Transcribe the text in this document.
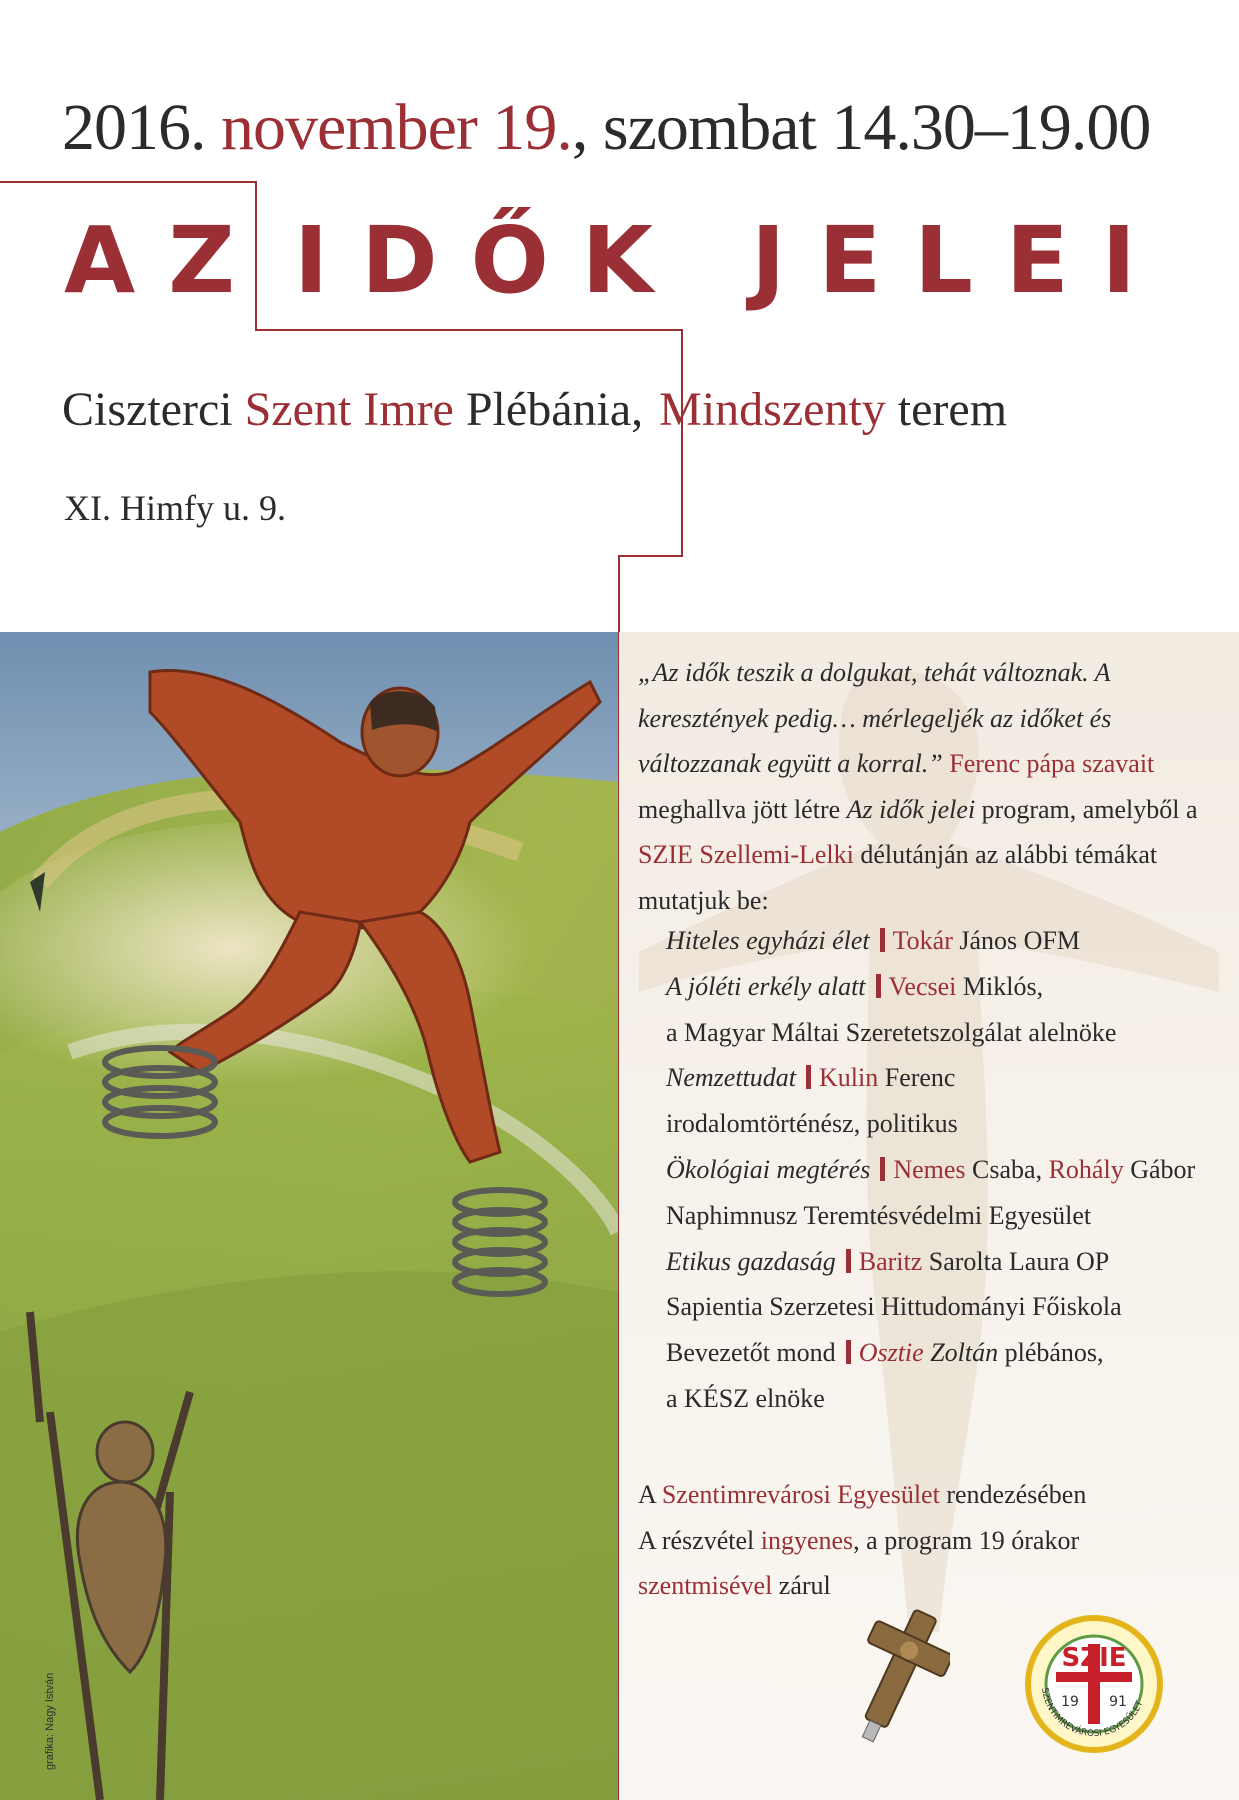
2016. november 19., szombat 14.30–19.00
AZ IDŐK JELEI
Ciszterci Szent Imre Plébánia, Mindszenty terem
XI. Himfy u. 9.
grafika: Nagy István
„Az idők teszik a dolgukat, tehát változnak. A keresztények pedig… mérlegeljék az időket és változzanak együtt a korral.” Ferenc pápa szavait meghallva jött létre Az idők jelei program, amelyből a SZIE Szellemi-Lelki délutánján az alábbi témákat mutatjuk be:
Hiteles egyházi élet Tokár János OFM
A jóléti erkély alatt Vecsei Miklós,
a Magyar Máltai Szeretetszolgálat alelnöke
Nemzettudat Kulin Ferenc
irodalomtörténész, politikus
Ökológiai megtérés Nemes Csaba, Rohály Gábor
Naphimnusz Teremtésvédelmi Egyesület
Etikus gazdaság Baritz Sarolta Laura OP
Sapientia Szerzetesi Hittudományi Főiskola
Bevezetőt mond Osztie Zoltán plébános,
a KÉSZ elnöke
A Szentimrevárosi Egyesület rendezésében
A részvétel ingyenes, a program 19 órakor
szentmisével zárul
SZIE
19 91
SZENTIMREVÁROSI EGYESÜLET
